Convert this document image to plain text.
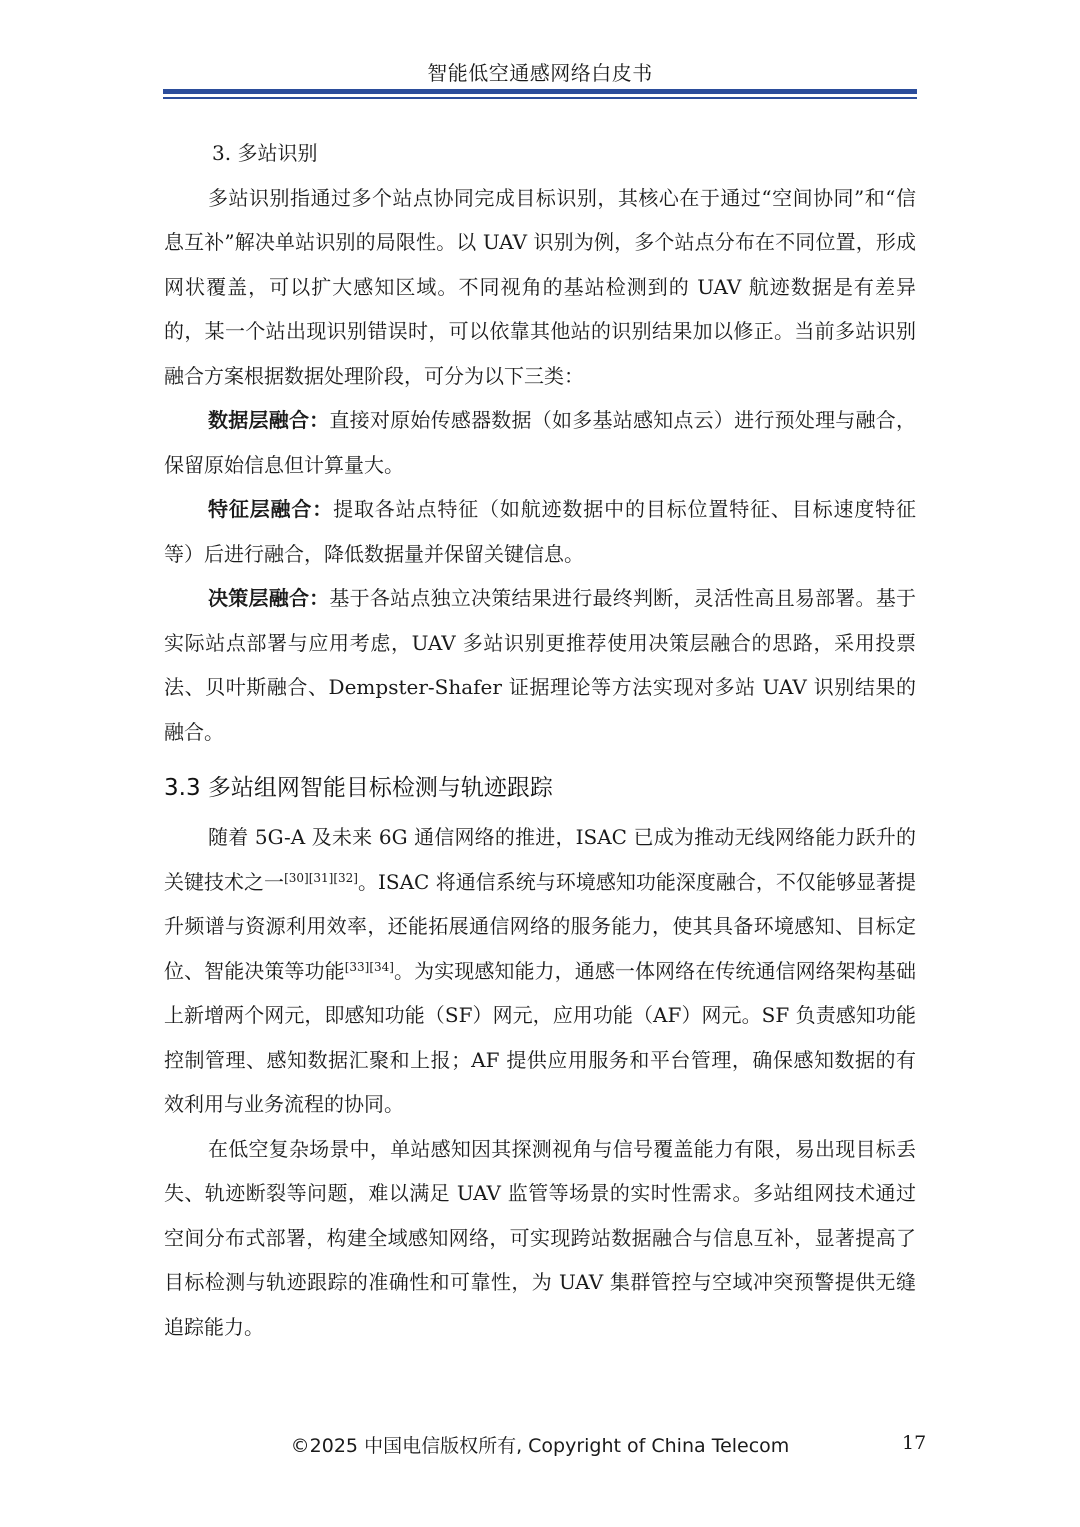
智能低空通感网络白皮书

3. 多站识别

多站识别指通过多个站点协同完成目标识别，其核心在于通过“空间协同”和“信息互补”解决单站识别的局限性。以 UAV 识别为例，多个站点分布在不同位置，形成网状覆盖，可以扩大感知区域。不同视角的基站检测到的 UAV 航迹数据是有差异的，某一个站出现识别错误时，可以依靠其他站的识别结果加以修正。当前多站识别融合方案根据数据处理阶段，可分为以下三类：

数据层融合：直接对原始传感器数据（如多基站感知点云）进行预处理与融合，保留原始信息但计算量大。

特征层融合：提取各站点特征（如航迹数据中的目标位置特征、目标速度特征等）后进行融合，降低数据量并保留关键信息。

决策层融合：基于各站点独立决策结果进行最终判断，灵活性高且易部署。基于实际站点部署与应用考虑，UAV 多站识别更推荐使用决策层融合的思路，采用投票法、贝叶斯融合、Dempster-Shafer 证据理论等方法实现对多站 UAV 识别结果的融合。

3.3 多站组网智能目标检测与轨迹跟踪

随着 5G-A 及未来 6G 通信网络的推进，ISAC 已成为推动无线网络能力跃升的关键技术之一[30][31][32]。ISAC 将通信系统与环境感知功能深度融合，不仅能够显著提升频谱与资源利用效率，还能拓展通信网络的服务能力，使其具备环境感知、目标定位、智能决策等功能[33][34]。为实现感知能力，通感一体网络在传统通信网络架构基础上新增两个网元，即感知功能（SF）网元，应用功能（AF）网元。SF 负责感知功能控制管理、感知数据汇聚和上报；AF 提供应用服务和平台管理，确保感知数据的有效利用与业务流程的协同。

在低空复杂场景中，单站感知因其探测视角与信号覆盖能力有限，易出现目标丢失、轨迹断裂等问题，难以满足 UAV 监管等场景的实时性需求。多站组网技术通过空间分布式部署，构建全域感知网络，可实现跨站数据融合与信息互补，显著提高了目标检测与轨迹跟踪的准确性和可靠性，为 UAV 集群管控与空域冲突预警提供无缝追踪能力。

©2025 中国电信版权所有, Copyright of China Telecom	17
